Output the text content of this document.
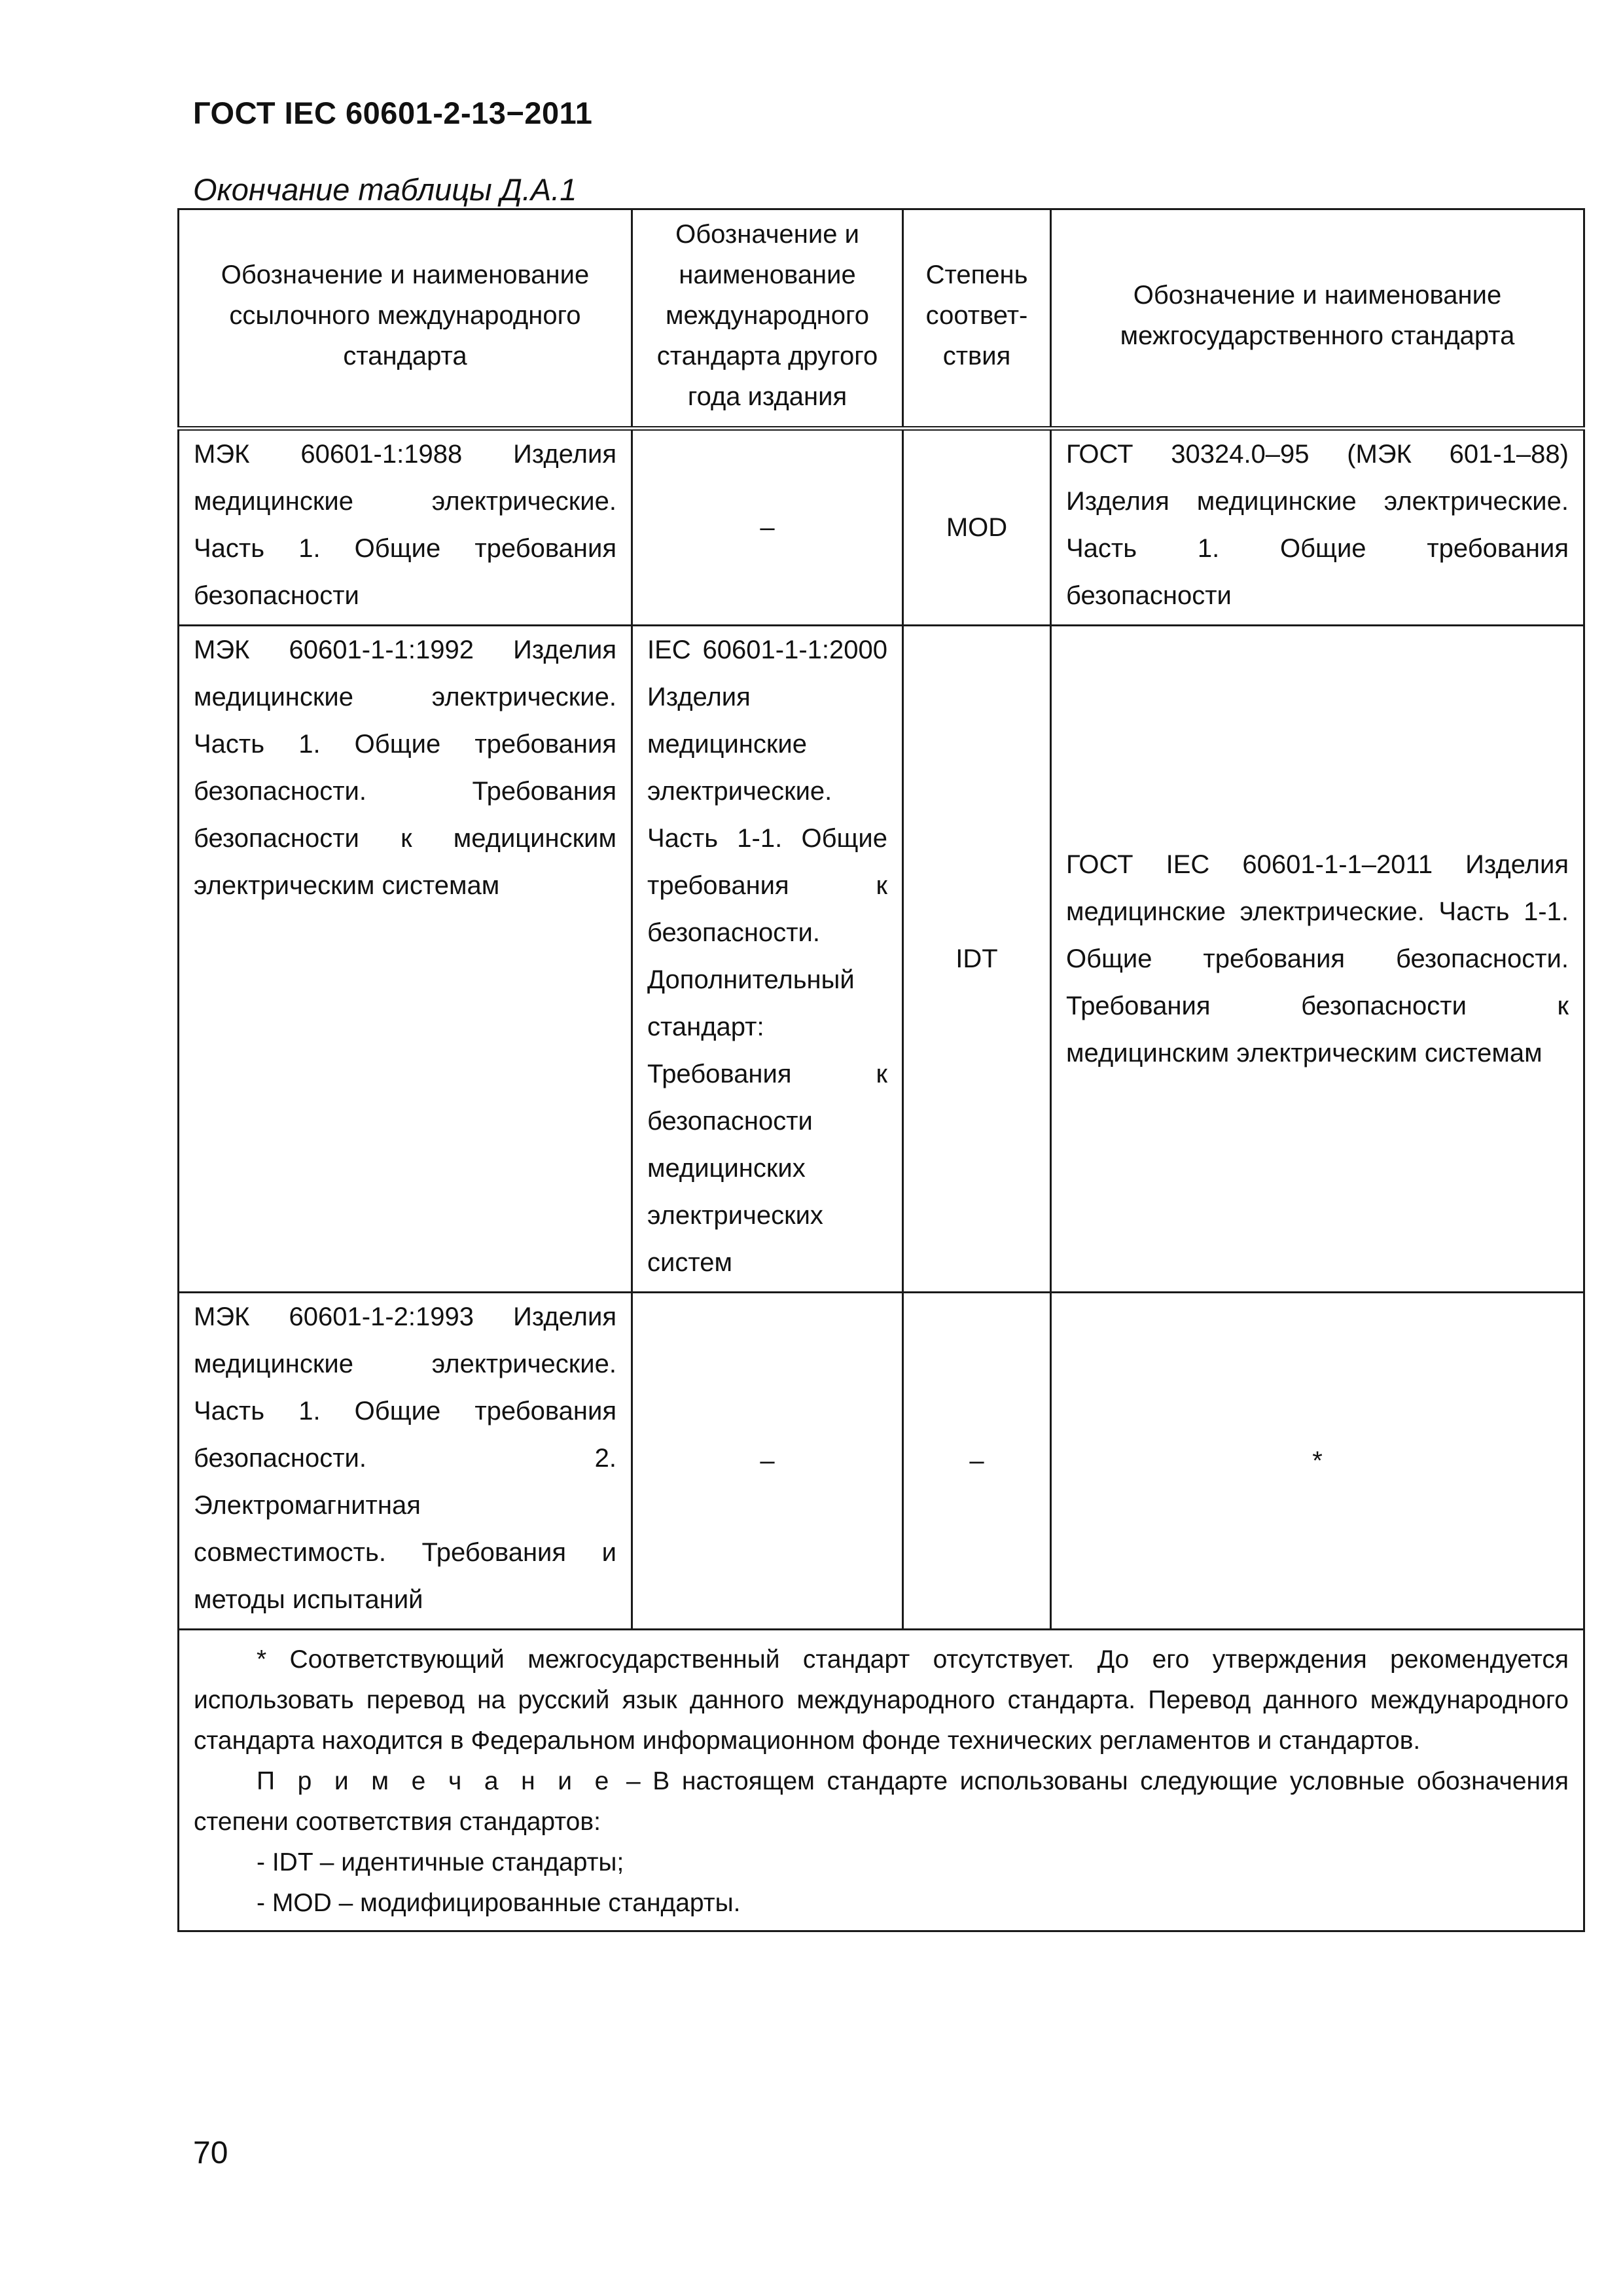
ГОСТ IEC 60601-2-13−2011
Окончание таблицы Д.А.1
Обозначение и наименование ссылочного международного стандарта	Обозначение и наименование международного стандарта другого года издания	Степень соответ-ствия	Обозначение и наименование межгосударственного стандарта
МЭК 60601-1:1988 Изделия медицинские электрические. Часть 1. Общие требования безопасности	–	MOD	ГОСТ 30324.0–95 (МЭК 601-1–88) Изделия медицинские электрические. Часть 1. Общие требования безопасности
МЭК 60601-1-1:1992 Изделия медицинские электрические. Часть 1. Общие требования безопасности. Требования безопасности к медицинским электрическим системам	IEC 60601-1-1:2000 Изделия медицинские электрические. Часть 1-1. Общие требования к безопасности. Дополнительный стандарт: Требования к безопасности медицинских электрических систем	IDT	ГОСТ IEC 60601-1-1–2011 Изделия медицинские электрические. Часть 1-1. Общие требования безопасности. Требования безопасности к медицинским электрическим системам
МЭК 60601-1-2:1993 Изделия медицинские электрические. Часть 1. Общие требования безопасности. 2. Электромагнитная совместимость. Требования и методы испытаний	–	–	*

* Соответствующий межгосударственный стандарт отсутствует. До его утверждения рекомендуется использовать перевод на русский язык данного международного стандарта. Перевод данного международного стандарта находится в Федеральном информационном фонде технических регламентов и стандартов.

П р и м е ч а н и е – В настоящем стандарте использованы следующие условные обозначения степени соответствия стандартов:

- IDT – идентичные стандарты;

- MOD – модифицированные стандарты.			

70
